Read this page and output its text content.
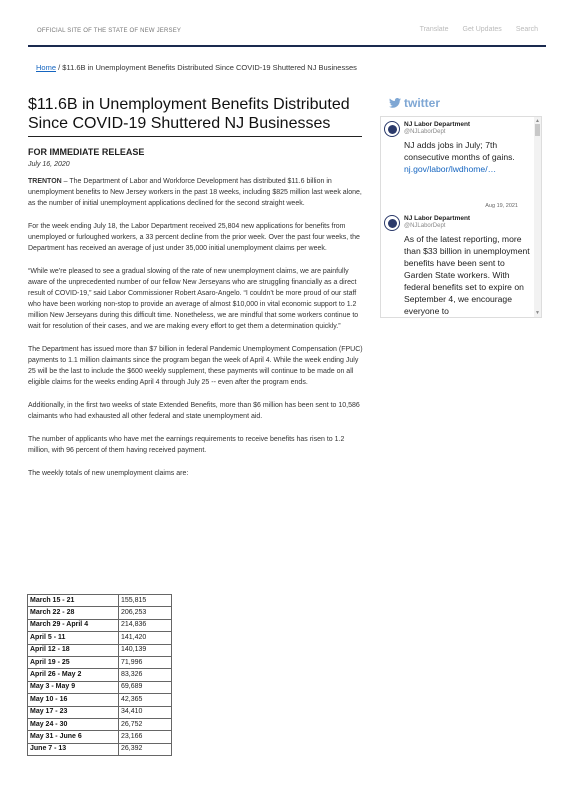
OFFICIAL SITE OF THE STATE OF NEW JERSEY	Translate Get Updates Search
Home / $11.6B in Unemployment Benefits Distributed Since COVID-19 Shuttered NJ Businesses
$11.6B in Unemployment Benefits Distributed Since COVID-19 Shuttered NJ Businesses
FOR IMMEDIATE RELEASE
July 16, 2020

TRENTON – The Department of Labor and Workforce Development has distributed $11.6 billion in unemployment benefits to New Jersey workers in the past 18 weeks, including $825 million last week alone, as the number of initial unemployment applications declined for the second straight week.

For the week ending July 18, the Labor Department received 25,804 new applications for benefits from unemployed or furloughed workers, a 33 percent decline from the prior week. Over the past four weeks, the Department has received an average of just under 35,000 initial unemployment claims per week.

“While we’re pleased to see a gradual slowing of the rate of new unemployment claims, we are painfully aware of the unprecedented number of our fellow New Jerseyans who are struggling financially as a direct result of COVID-19,” said Labor Commissioner Robert Asaro-Angelo. “I couldn’t be more proud of our staff who have been working non-stop to provide an average of almost $10,000 in vital economic support to 1.2 million New Jerseyans during this difficult time. Nonetheless, we are mindful that some workers continue to wait for resolution of their cases, and we are making every effort to get them a determination quickly.”

The Department has issued more than $7 billion in federal Pandemic Unemployment Compensation (FPUC) payments to 1.1 million claimants since the program began the week of April 4. While the week ending July 25 will be the last to include the $600 weekly supplement, these payments will continue to be made on all eligible claims for the weeks ending April 4 through July 25 -- even after the program ends.

Additionally, in the first two weeks of state Extended Benefits, more than $6 million has been sent to 10,586 claimants who had exhausted all other federal and state unemployment aid.

The number of applicants who have met the earnings requirements to receive benefits has risen to 1.2 million, with 96 percent of them having received payment.

The weekly totals of new unemployment claims are:

March 15 - 21	155,815
March 22 - 28	206,253
March 29 - April 4	214,836
April 5 - 11	141,420
April 12 - 18	140,139
April 19 - 25	71,996
April 26 - May 2	83,326
May 3 - May 9	69,689
May 10 - 16	42,365
May 17 - 23	34,410
May 24 - 30	26,752
May 31 - June 6	23,166
June 7 - 13	26,392
twitter
NJ Labor Department
@NJLaborDept
NJ adds jobs in July; 7th consecutive months of gains.
nj.gov/labor/lwdhome/…
Aug 19, 2021
NJ Labor Department
@NJLaborDept
As of the latest reporting, more than $33 billion in unemployment benefits have been sent to Garden State workers. With federal benefits set to expire on September 4, we encourage everyone to
▲
▼
